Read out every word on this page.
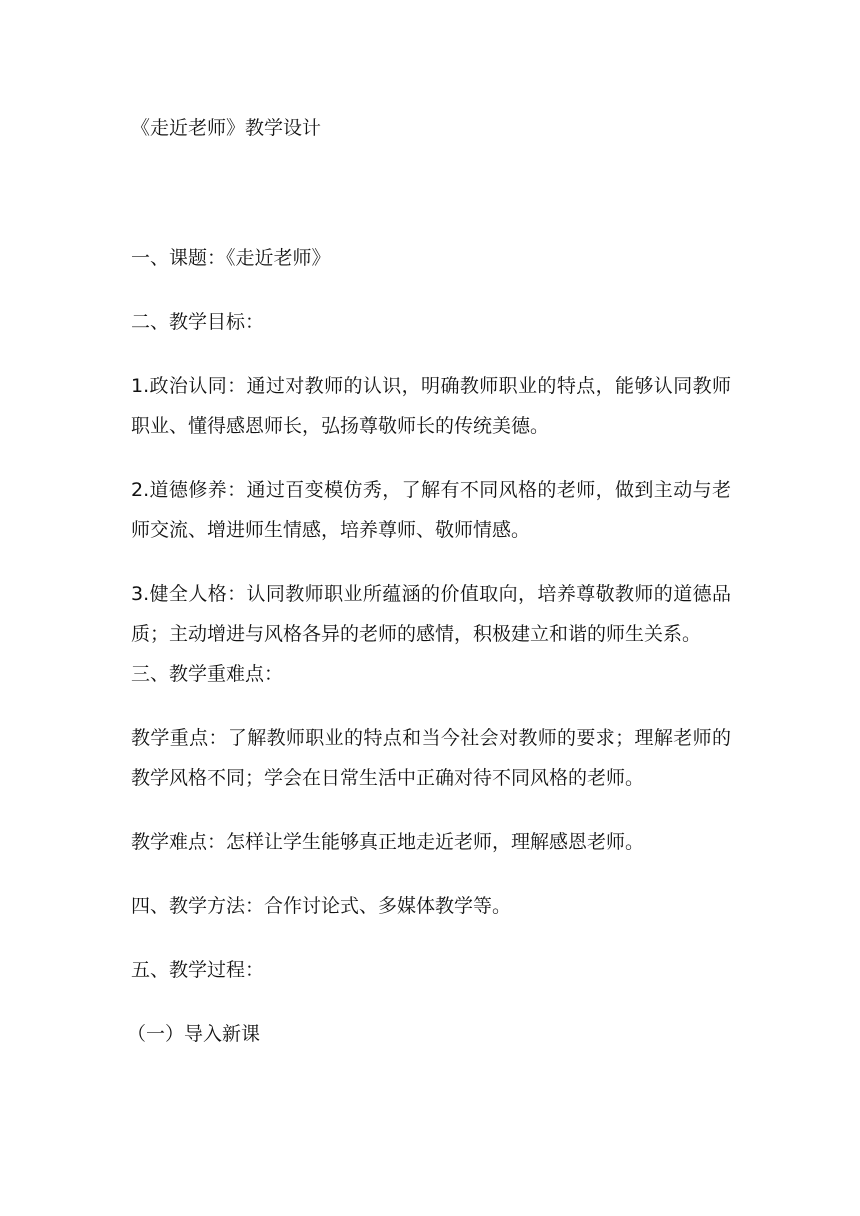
《走近老师》教学设计

一、课题：《走近老师》

二、教学目标：

1.政治认同：通过对教师的认识，明确教师职业的特点，能够认同教师职业、懂得感恩师长，弘扬尊敬师长的传统美德。

2.道德修养：通过百变模仿秀，了解有不同风格的老师，做到主动与老师交流、增进师生情感，培养尊师、敬师情感。

3.健全人格：认同教师职业所蕴涵的价值取向，培养尊敬教师的道德品质；主动增进与风格各异的老师的感情，积极建立和谐的师生关系。

三、教学重难点：

教学重点：了解教师职业的特点和当今社会对教师的要求；理解老师的教学风格不同；学会在日常生活中正确对待不同风格的老师。

教学难点：怎样让学生能够真正地走近老师，理解感恩老师。

四、教学方法：合作讨论式、多媒体教学等。

五、教学过程：

（一）导入新课
